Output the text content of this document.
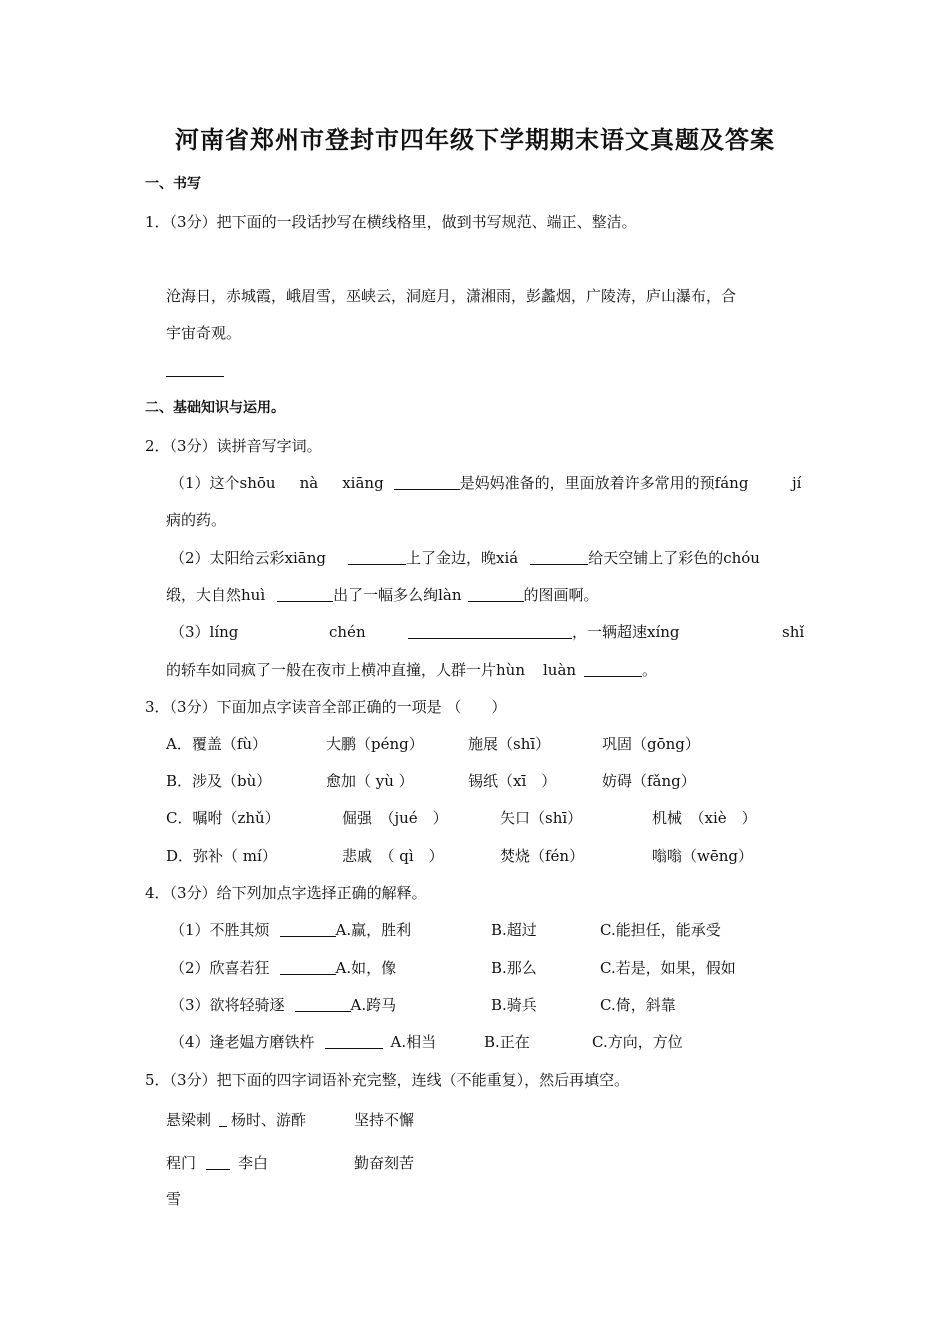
河南省郑州市登封市四年级下学期期末语文真题及答案
一、书写
1．（3分）把下面的一段话抄写在横线格里，做到书写规范、端正、整洁。
沧海日，赤城霞，峨眉雪，巫峡云，洞庭月，潇湘雨，彭蠡烟，广陵涛，庐山瀑布，合
宇宙奇观。
二、基础知识与运用。
2．（3分）读拼音写字词。
（1）这个shōu nà xiāng	是妈妈准备的，里面放着许多常用的预fáng	jí
病的药。
（2）太阳给云彩xiāng	上了金边，晚xiá	给天空铺上了彩色的chóu
缎，大自然huì	出了一幅多么绚làn	的图画啊。
（3）líng	chén	，一辆超速xíng	shǐ
的轿车如同疯了一般在夜市上横冲直撞，人群一片hùn luàn	。
3．（3分）下面加点字读音全部正确的一项是 （　　）
A．覆盖（fù）	大鹏（péng）	施展（shī）	巩固（gōng）
B．涉及（bù）	愈加（ yù ）	锡纸（xī　）	妨碍（fǎng）
C．嘱咐（zhǔ）	倔强　（jué　）	矢口（shī）	机械　（xiè　）
D．弥补（ mí）	悲戚　（ qì　）	焚烧（fén）	嗡嗡（wēng）
4．（3分）给下列加点字选择正确的解释。
（1）不胜其烦	A.赢，胜利	B.超过	C.能担任，能承受
（2）欣喜若狂	A.如，像	B.那么	C.若是，如果，假如
（3）欲将轻骑逐	A.跨马	B.骑兵	C.倚，斜靠
（4）逢老媪方磨铁杵	A.相当	B.正在	C.方向，方位
5．（3分）把下面的四字词语补充完整，连线（不能重复），然后再填空。
悬梁刺 杨时、游酢	坚持不懈
程门	李白	勤奋刻苦
雪
